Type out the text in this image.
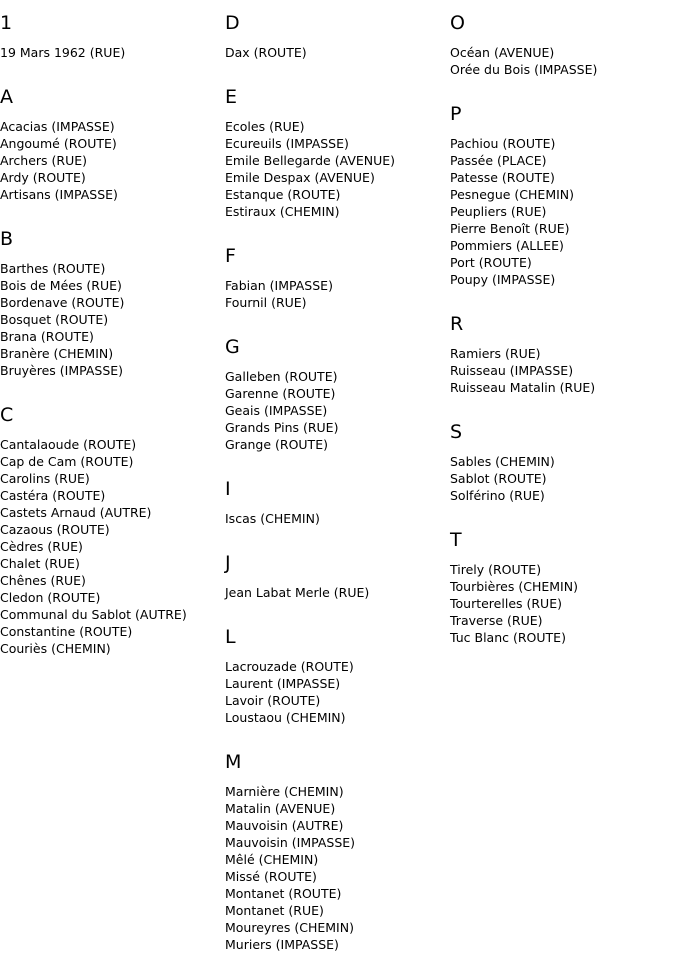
1
19 Mars 1962 (RUE)
A
Acacias (IMPASSE)
Angoumé (ROUTE)
Archers (RUE)
Ardy (ROUTE)
Artisans (IMPASSE)
B
Barthes (ROUTE)
Bois de Mées (RUE)
Bordenave (ROUTE)
Bosquet (ROUTE)
Brana (ROUTE)
Branère (CHEMIN)
Bruyères (IMPASSE)
C
Cantalaoude (ROUTE)
Cap de Cam (ROUTE)
Carolins (RUE)
Castéra (ROUTE)
Castets Arnaud (AUTRE)
Cazaous (ROUTE)
Cèdres (RUE)
Chalet (RUE)
Chênes (RUE)
Cledon (ROUTE)
Communal du Sablot (AUTRE)
Constantine (ROUTE)
Couriès (CHEMIN)
D
Dax (ROUTE)
E
Ecoles (RUE)
Ecureuils (IMPASSE)
Emile Bellegarde (AVENUE)
Emile Despax (AVENUE)
Estanque (ROUTE)
Estiraux (CHEMIN)
F
Fabian (IMPASSE)
Fournil (RUE)
G
Galleben (ROUTE)
Garenne (ROUTE)
Geais (IMPASSE)
Grands Pins (RUE)
Grange (ROUTE)
I
Iscas (CHEMIN)
J
Jean Labat Merle (RUE)
L
Lacrouzade (ROUTE)
Laurent (IMPASSE)
Lavoir (ROUTE)
Loustaou (CHEMIN)
M
Marnière (CHEMIN)
Matalin (AVENUE)
Mauvoisin (AUTRE)
Mauvoisin (IMPASSE)
Mêlé (CHEMIN)
Missé (ROUTE)
Montanet (ROUTE)
Montanet (RUE)
Moureyres (CHEMIN)
Muriers (IMPASSE)
O
Océan (AVENUE)
Orée du Bois (IMPASSE)
P
Pachiou (ROUTE)
Passée (PLACE)
Patesse (ROUTE)
Pesnegue (CHEMIN)
Peupliers (RUE)
Pierre Benoît (RUE)
Pommiers (ALLEE)
Port (ROUTE)
Poupy (IMPASSE)
R
Ramiers (RUE)
Ruisseau (IMPASSE)
Ruisseau Matalin (RUE)
S
Sables (CHEMIN)
Sablot (ROUTE)
Solférino (RUE)
T
Tirely (ROUTE)
Tourbières (CHEMIN)
Tourterelles (RUE)
Traverse (RUE)
Tuc Blanc (ROUTE)
